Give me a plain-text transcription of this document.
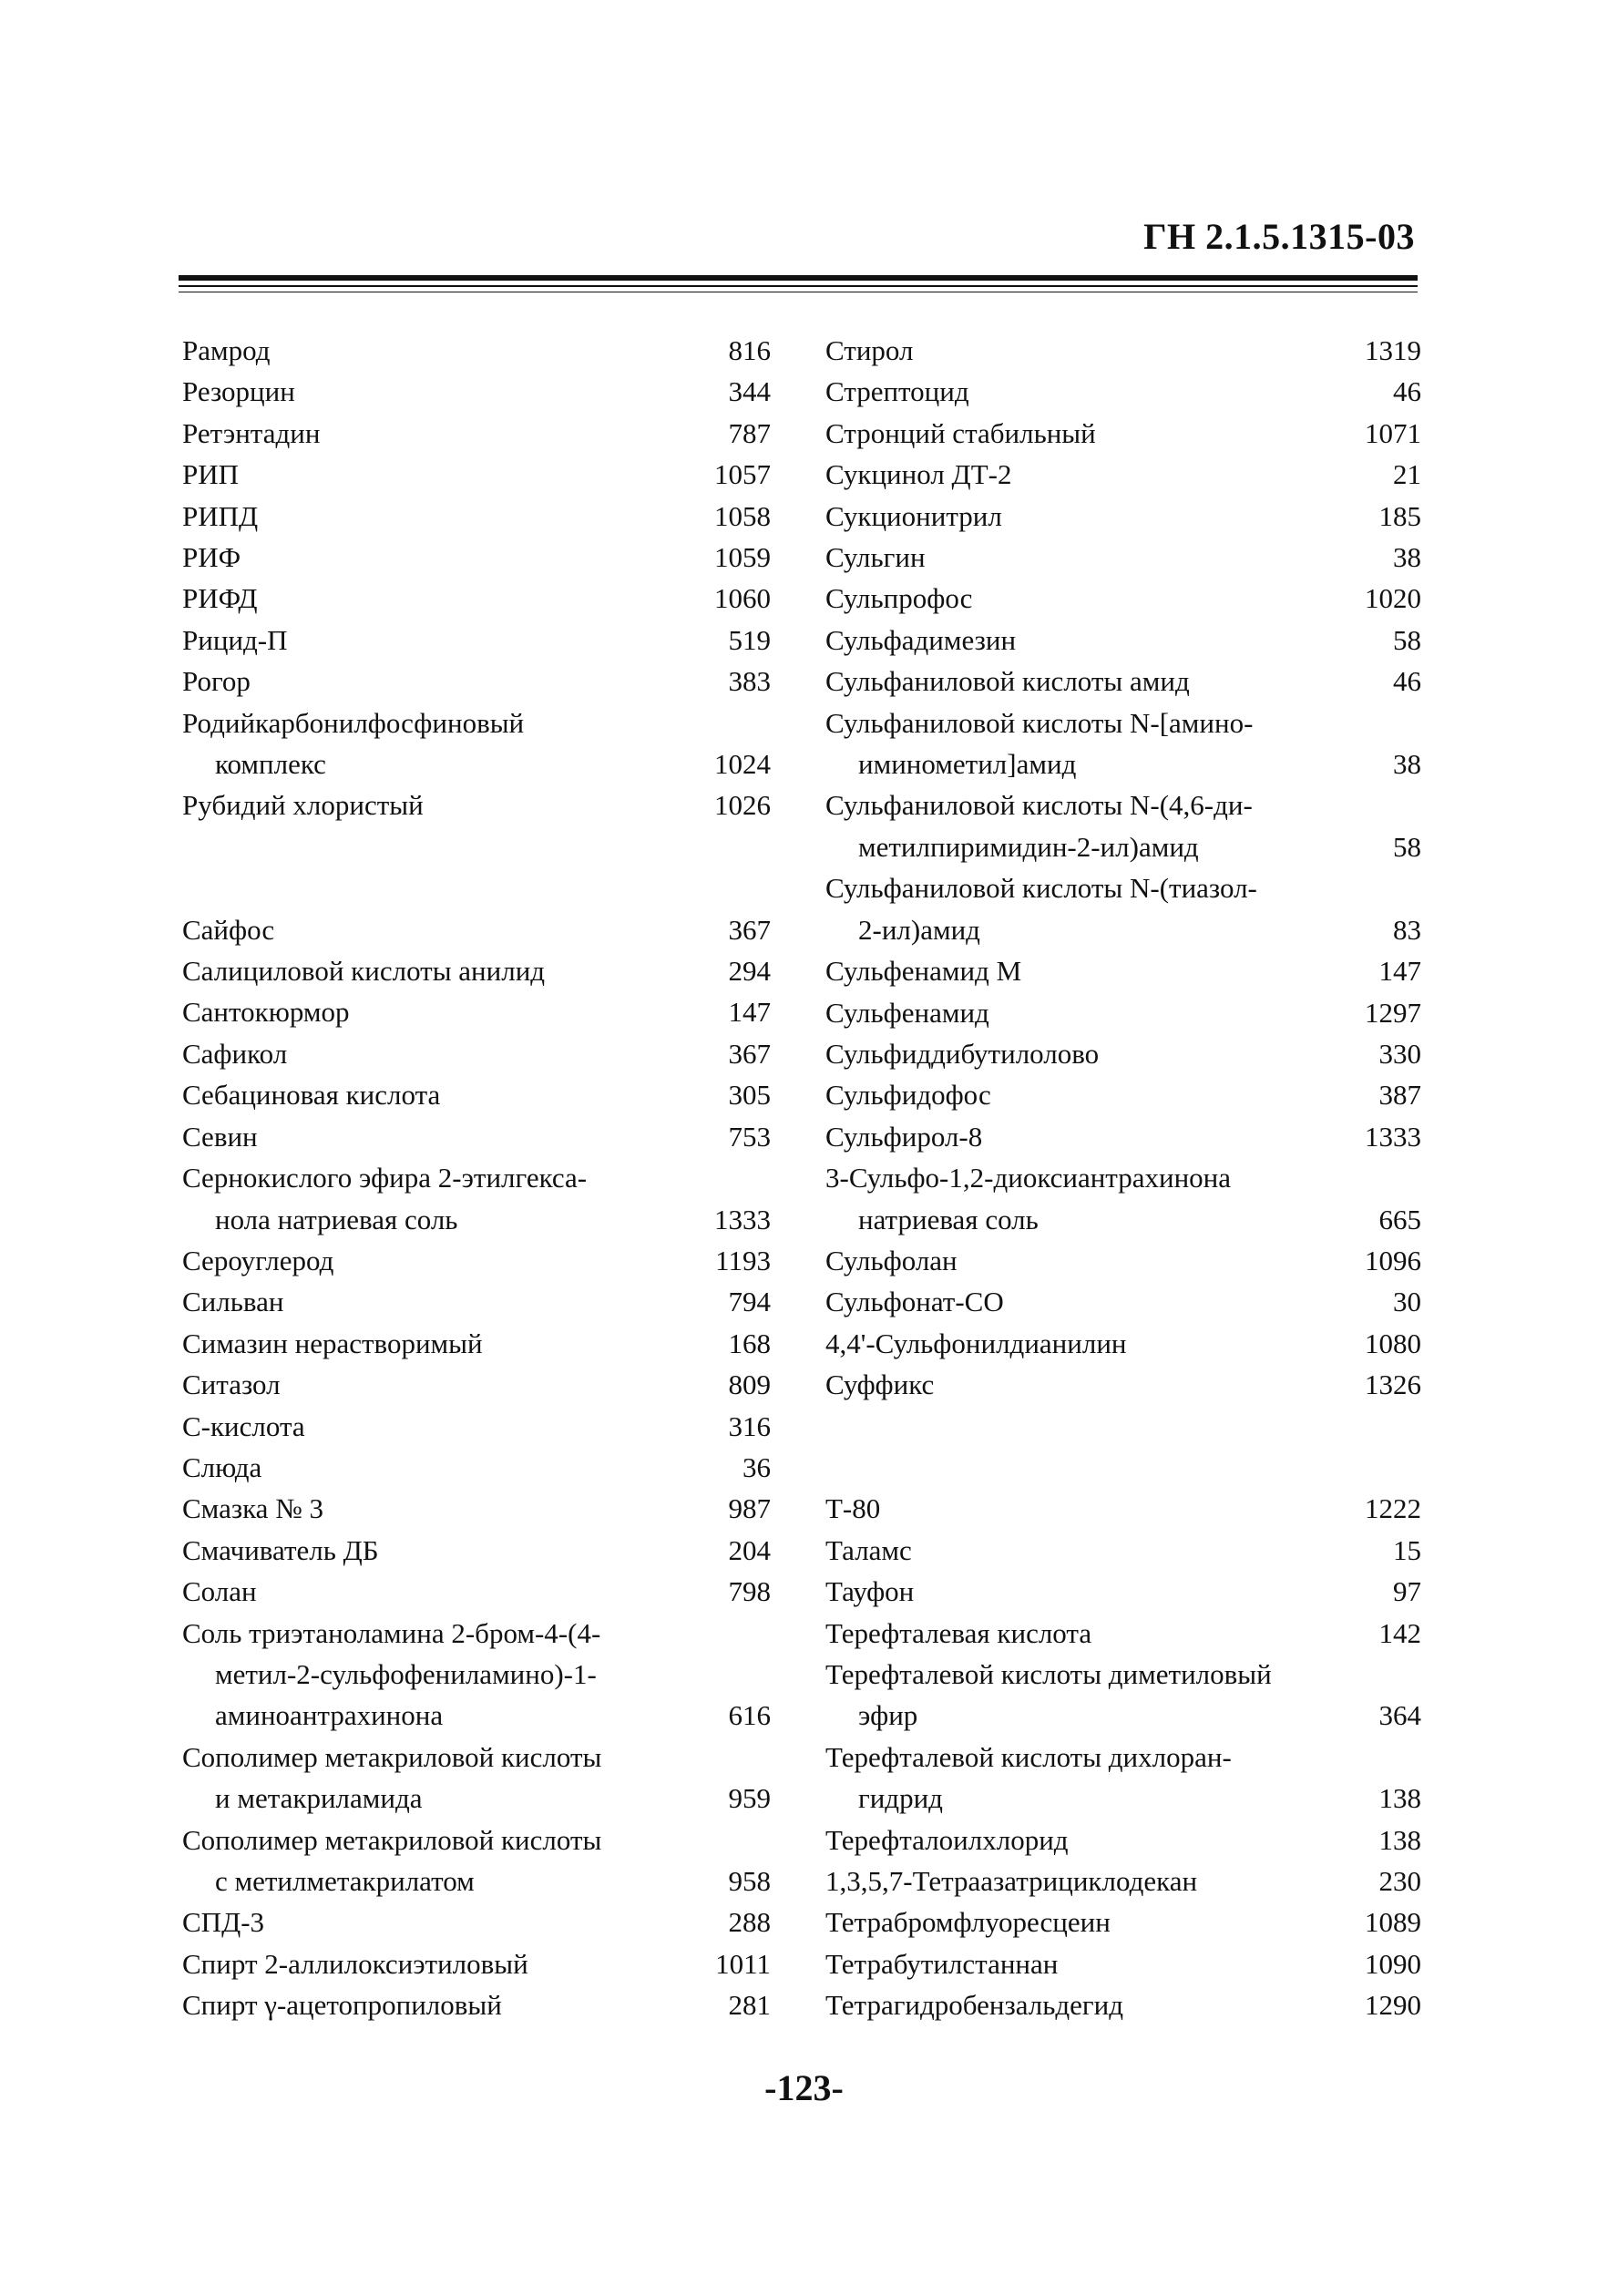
ГН 2.1.5.1315-03
Рамрод	816
Резорцин	344
Ретэнтадин	787
РИП	1057
РИПД	1058
РИФ	1059
РИФД	1060
Рицид-П	519
Рогор	383
Родийкарбонилфосфиновый
комплекс	1024
Рубидий хлористый	1026
Сайфос	367
Салициловой кислоты анилид	294
Сантокюрмор	147
Сафикол	367
Себациновая кислота	305
Севин	753
Сернокислого эфира 2-этилгекса-
нола натриевая соль	1333
Сероуглерод	1193
Сильван	794
Симазин нерастворимый	168
Ситазол	809
С-кислота	316
Слюда	36
Смазка № 3	987
Смачиватель ДБ	204
Солан	798
Соль триэтаноламина 2-бром-4-(4-
метил-2-сульфофениламино)-1-
аминоантрахинона	616
Сополимер метакриловой кислоты
и метакриламида	959
Сополимер метакриловой кислоты
с метилметакрилатом	958
СПД-3	288
Спирт 2-аллилоксиэтиловый	1011
Спирт γ-ацетопропиловый	281
Стирол	1319
Стрептоцид	46
Стронций стабильный	1071
Сукцинол ДТ-2	21
Сукционитрил	185
Сульгин	38
Сульпрофос	1020
Сульфадимезин	58
Сульфаниловой кислоты амид	46
Сульфаниловой кислоты N-[амино-
иминометил]амид	38
Сульфаниловой кислоты N-(4,6-ди-
метилпиримидин-2-ил)амид	58
Сульфаниловой кислоты N-(тиазол-
2-ил)амид	83
Сульфенамид М	147
Сульфенамид	1297
Сульфиддибутилолово	330
Сульфидофос	387
Сульфирол-8	1333
3-Сульфо-1,2-диоксиантрахинона
натриевая соль	665
Сульфолан	1096
Сульфонат-СО	30
4,4'-Сульфонилдианилин	1080
Суффикс	1326
Т-80	1222
Таламс	15
Тауфон	97
Терефталевая кислота	142
Терефталевой кислоты диметиловый
эфир	364
Терефталевой кислоты дихлоран-
гидрид	138
Терефталоилхлорид	138
1,3,5,7-Тетраазатрициклодекан	230
Тетрабромфлуоресцеин	1089
Тетрабутилстаннан	1090
Тетрагидробензальдегид	1290
-123-
